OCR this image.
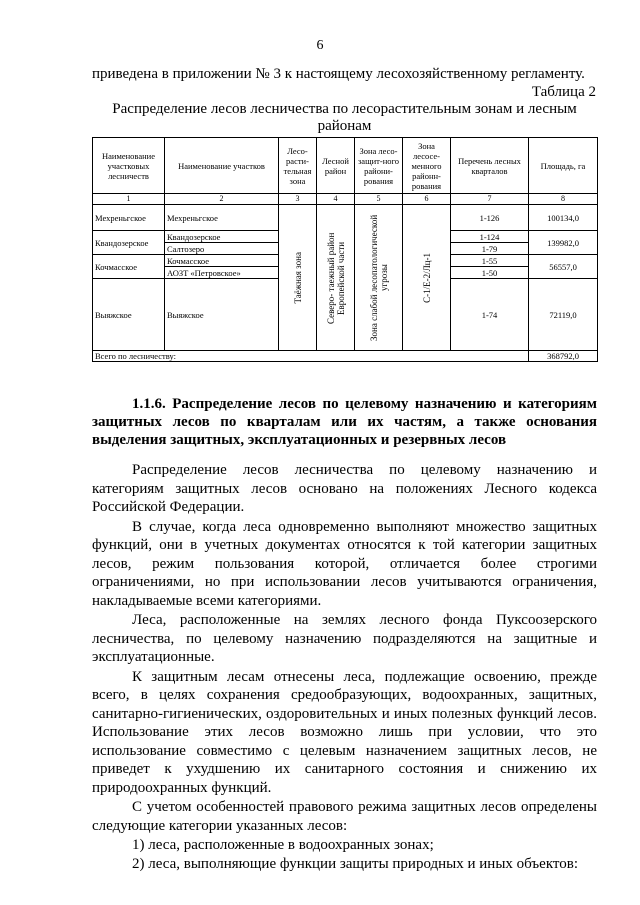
6
приведена в приложении № 3 к настоящему лесохозяйственному регламенту.
Таблица 2
Распределение лесов лесничества по лесорастительным зонам и лесным
районам
Наименование участковых лесничеств	Наименование участков	Лесо-расти-тельная зона	Лесной район	Зона лесо-защит-ного райони-рования	Зона лесосе-менного районн-рования	Перечень лесных кварталов	Площадь, га
1	2	3	4	5	6	7	8
Мехреньгское	Мехреньгское	Таёжная зона	Северо- таежный район Европейской части	Зона слабой лесопатологической угрозы	С-1/Е-2/Лц-1	1-126	100134,0
Квандозерское	Квандозерское					1-124	139982,0
	Салтозеро					1-79	
Кочмасское	Кочмасское					1-55	56557,0
	АОЗТ «Петровское»					1-50	
Выяжское	Выяжское					1-74	72119,0
Всего по лесничеству:							368792,0
1.1.6. Распределение лесов по целевому назначению и категориям защитных лесов по кварталам или их частям, а также основания выделения защитных, эксплуатационных и резервных лесов

Распределение лесов лесничества по целевому назначению и категориям защитных лесов основано на положениях Лесного кодекса Российской Федерации.

В случае, когда леса одновременно выполняют множество защитных функций, они в учетных документах относятся к той категории защитных лесов, режим пользования которой, отличается более строгими ограничениями, но при использовании лесов учитываются ограничения, накладываемые всеми категориями.

Леса, расположенные на землях лесного фонда Пуксоозерского лесничества, по целевому назначению подразделяются на защитные и эксплуатационные.

К защитным лесам отнесены леса, подлежащие освоению, прежде всего, в целях сохранения средообразующих, водоохранных, защитных, санитарно-гигиенических, оздоровительных и иных полезных функций лесов. Использование этих лесов возможно лишь при условии, что это использование совместимо с целевым назначением защитных лесов, не приведет к ухудшению их санитарного состояния и снижению их природоохранных функций.

С учетом особенностей правового режима защитных лесов определены следующие категории указанных лесов:

1) леса, расположенные в водоохранных зонах;

2) леса, выполняющие функции защиты природных и иных объектов:
